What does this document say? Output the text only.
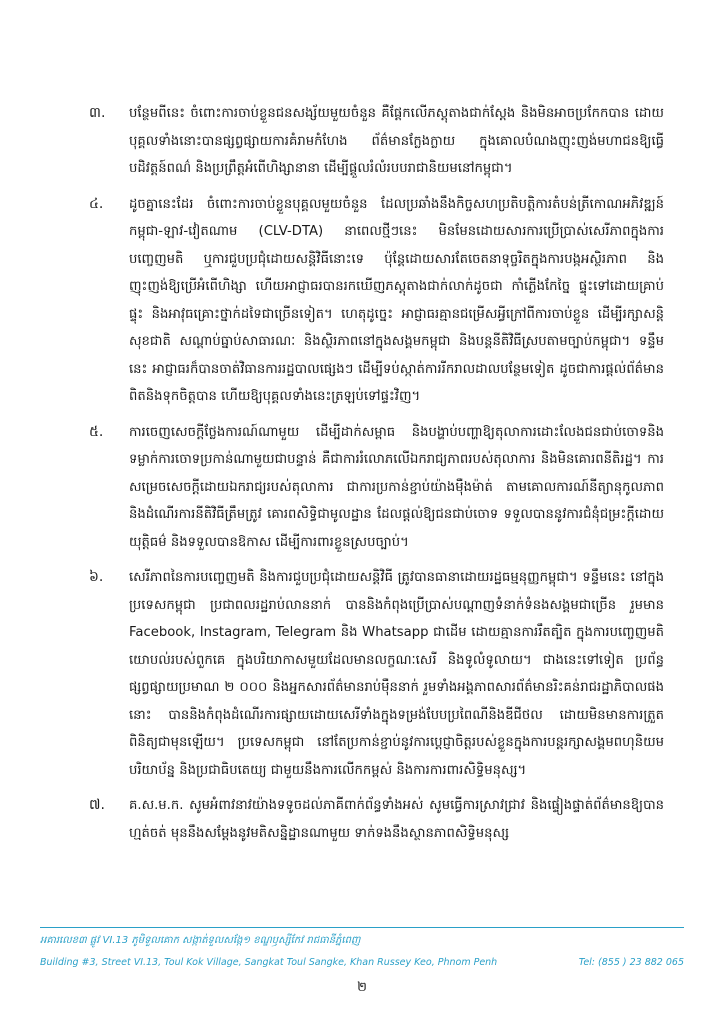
៣.	បន្ថែមពីនេះ ចំពោះការចាប់ខ្លួនជនសង្ស័យមួយចំនួន គឺផ្ដែកលើភស្តុតាងជាក់ស្តែង និងមិនអាចប្រកែកបាន ដោយបុគ្គលទាំងនោះបានផ្សព្វផ្សាយការគំរាមកំហែង ព័ត៌មានក្លែងក្លាយ ក្នុងគោលបំណងញុះញង់មហាជនឱ្យធ្វើបដិវត្តន៍ពណ៌ និងប្រព្រឹត្តអំពើហិង្សានានា ដើម្បីផ្ដួលរំលំរបបរាជានិយមនៅកម្ពុជា។
៤.	ដូចគ្នានេះដែរ ចំពោះការចាប់ខ្លួនបុគ្គលមួយចំនួន ដែលប្រឆាំងនឹងកិច្ចសហប្រតិបត្តិការតំបន់ត្រីកោណអភិវឌ្ឍន៍ កម្ពុជា-ឡាវ-វៀតណាម (CLV-DTA) នាពេលថ្មីៗនេះ មិនមែនដោយសារការប្រើប្រាស់សេរីភាពក្នុងការបញ្ចេញមតិ ឬការជួបប្រជុំដោយសន្តិវិធីនោះទេ ប៉ុន្តែដោយសារតែចេតនាទុច្ចរិតក្នុងការបង្កអស្ថិរភាព និងញុះញង់ឱ្យប្រើអំពើហិង្សា ហើយអាជ្ញាធរបានរកឃើញភស្តុតាងជាក់លាក់ដូចជា កាំភ្លើងកែច្នៃ ផ្ទុះទៅដោយគ្រាប់ផ្ទុះ និងអាវុធគ្រោះថ្នាក់ដទៃជាច្រើនទៀត។ ហេតុដូច្នេះ អាជ្ញាធរគ្មានជម្រើសអ្វីក្រៅពីការចាប់ខ្លួន ដើម្បីរក្សាសន្តិសុខជាតិ សណ្ដាប់ធ្នាប់សាធារណៈ និងស្ថិរភាពនៅក្នុងសង្គមកម្ពុជា និងបន្តនីតិវិធីស្របតាមច្បាប់កម្ពុជា។ ទន្ទឹមនេះ អាជ្ញាធរក៏បានចាត់វិធានការរដ្ឋបាលផ្សេងៗ ដើម្បីទប់ស្កាត់ការរីករាលដាលបន្ថែមទៀត ដូចជាការផ្ដល់ព័ត៌មានពិតនិងទុកចិត្តបាន ហើយឱ្យបុគ្គលទាំងនេះត្រឡប់ទៅផ្ទះវិញ។
៥.	ការចេញសេចក្ដីថ្លែងការណ៍ណាមួយ ដើម្បីដាក់សម្ពាធ និងបង្ហាប់បញ្ហាឱ្យតុលាការដោះលែងជនជាប់ចោទនិងទម្លាក់ការចោទប្រកាន់ណាមួយជាបន្ទាន់ គឺជាការរំលោភលើឯករាជ្យភាពរបស់តុលាការ និងមិនគោរពនីតិរដ្ឋ។ ការសម្រេចសេចក្ដីដោយឯករាជ្យរបស់តុលាការ ជាការប្រកាន់ខ្ជាប់យ៉ាងម៉ឺងម៉ាត់ តាមគោលការណ៍នីត្យានុកូលភាព និងដំណើរការនីតិវិធីត្រឹមត្រូវ គោរពសិទ្ធិជាមូលដ្ឋាន ដែលផ្ដល់ឱ្យជនជាប់ចោទ ទទួលបាននូវការជំនុំជម្រះក្ដីដោយយុត្តិធម៌ និងទទួលបានឱកាស ដើម្បីការពារខ្លួនស្របច្បាប់។
៦.	សេរីភាពនៃការបញ្ចេញមតិ និងការជួបប្រជុំដោយសន្តិវិធី ត្រូវបានធានាដោយរដ្ឋធម្មនុញ្ញកម្ពុជា។ ទន្ទឹមនេះ នៅក្នុងប្រទេសកម្ពុជា ប្រជាពលរដ្ឋរាប់លាននាក់ បាននិងកំពុងប្រើប្រាស់បណ្ដាញទំនាក់ទំនងសង្គមជាច្រើន រួមមាន Facebook, Instagram, Telegram និង Whatsapp ជាដើម ដោយគ្មានការរឹតត្បិត ក្នុងការបញ្ចេញមតិយោបល់របស់ពួកគេ ក្នុងបរិយាកាសមួយដែលមានលក្ខណៈសេរី និងទូលំទូលាយ។ ជាងនេះទៅទៀត ប្រព័ន្ធផ្សព្វផ្សាយប្រមាណ ២ ០០០ និងអ្នកសារព័ត៌មានរាប់ម៉ឺននាក់ រួមទាំងអង្គភាពសារព័ត៌មានរិះគន់រាជរដ្ឋាភិបាលផងនោះ បាននិងកំពុងដំណើរការផ្សាយដោយសេរីទាំងក្នុងទម្រង់បែបប្រពៃណីនិងឌីជីថល ដោយមិនមានការត្រួតពិនិត្យជាមុនឡើយ។ ប្រទេសកម្ពុជា នៅតែប្រកាន់ខ្ជាប់នូវការប្ដេជ្ញាចិត្តរបស់ខ្លួនក្នុងការបន្តរក្សាសង្គមពហុនិយម បរិយាប័ន្ន និងប្រជាធិបតេយ្យ ជាមួយនឹងការលើកកម្ពស់ និងការការពារសិទ្ធិមនុស្ស។
៧.	គ.ស.ម.ក. សូមអំពាវនាវយ៉ាងទទូចដល់ភាគីពាក់ព័ន្ធទាំងអស់ សូមធ្វើការស្រាវជ្រាវ និងផ្ទៀងផ្ទាត់ព័ត៌មានឱ្យបានហ្មត់ចត់ មុននឹងសម្ដែងនូវមតិសន្និដ្ឋានណាមួយ ទាក់ទងនឹងស្ថានភាពសិទ្ធិមនុស្ស
អគារលេខ៣ ផ្លូវ VI.13 ភូមិទួលគោក សង្កាត់ទួលសង្កែ១ ខណ្ឌឫស្សីកែវ រាជធានីភ្នំពេញ
Building #3, Street VI.13, Toul Kok Village, Sangkat Toul Sangke, Khan Russey Keo, Phnom Penh	Tel: (855 ) 23 882 065
២
